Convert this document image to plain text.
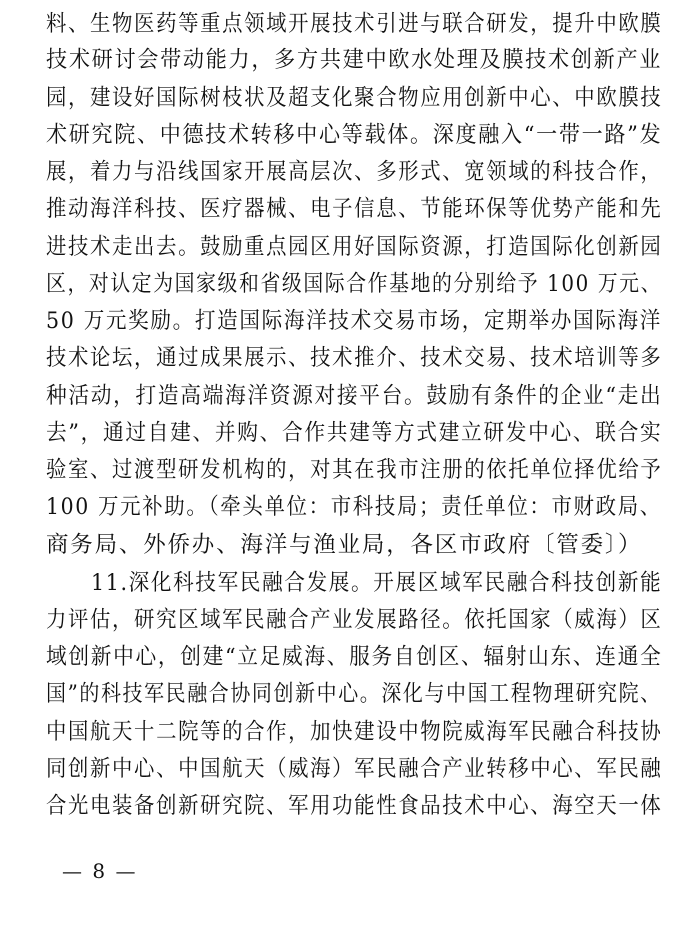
料、生物医药等重点领域开展技术引进与联合研发，提升中欧膜
技术研讨会带动能力，多方共建中欧水处理及膜技术创新产业
园，建设好国际树枝状及超支化聚合物应用创新中心、中欧膜技
术研究院、中德技术转移中心等载体。深度融入“一带一路”发
展，着力与沿线国家开展高层次、多形式、宽领域的科技合作，
推动海洋科技、医疗器械、电子信息、节能环保等优势产能和先
进技术走出去。鼓励重点园区用好国际资源，打造国际化创新园
区，对认定为国家级和省级国际合作基地的分别给予 100 万元、
50 万元奖励。打造国际海洋技术交易市场，定期举办国际海洋
技术论坛，通过成果展示、技术推介、技术交易、技术培训等多
种活动，打造高端海洋资源对接平台。鼓励有条件的企业“走出
去”，通过自建、并购、合作共建等方式建立研发中心、联合实
验室、过渡型研发机构的，对其在我市注册的依托单位择优给予
100 万元补助。（牵头单位：市科技局；责任单位：市财政局、
商务局、外侨办、海洋与渔业局，各区市政府〔管委〕）
11.深化科技军民融合发展。开展区域军民融合科技创新能
力评估，研究区域军民融合产业发展路径。依托国家（威海）区
域创新中心，创建“立足威海、服务自创区、辐射山东、连通全
国”的科技军民融合协同创新中心。深化与中国工程物理研究院、
中国航天十二院等的合作，加快建设中物院威海军民融合科技协
同创新中心、中国航天（威海）军民融合产业转移中心、军民融
合光电装备创新研究院、军用功能性食品技术中心、海空天一体
— 8 —
